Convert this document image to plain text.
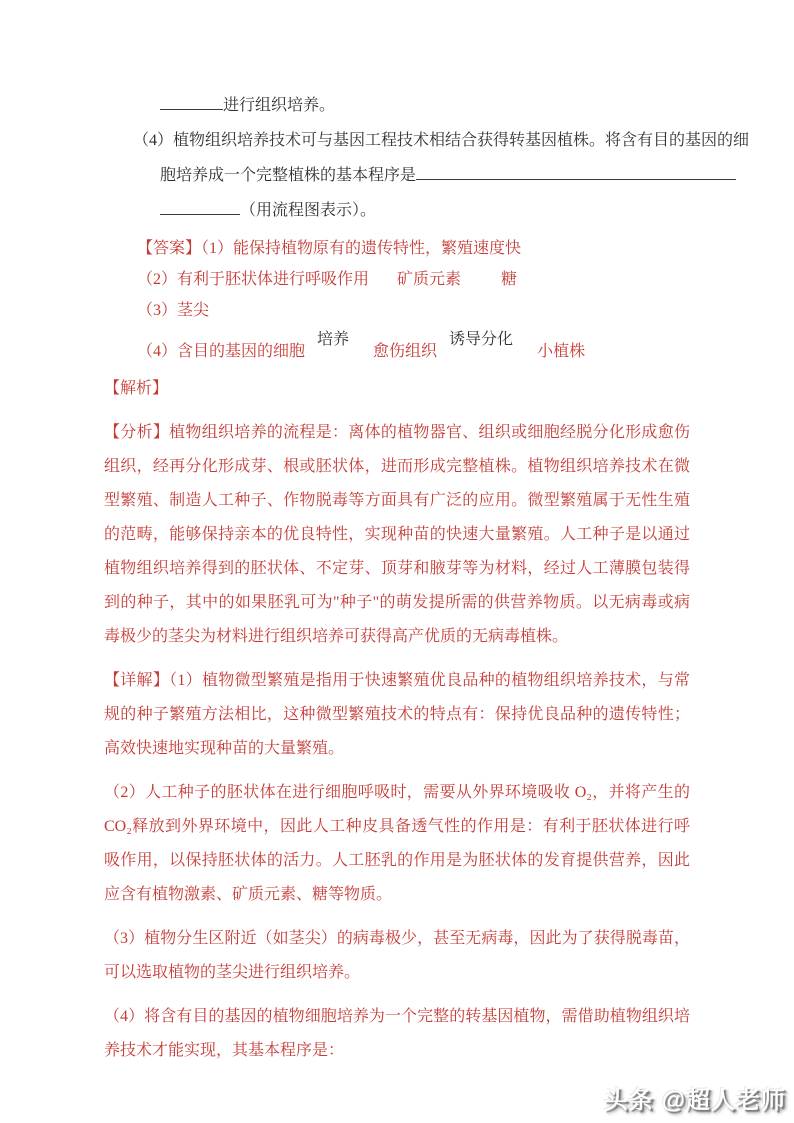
进行组织培养。
（4）植物组织培养技术可与基因工程技术相结合获得转基因植株。将含有目的基因的细
胞培养成一个完整植株的基本程序是
（用流程图表示）。
【答案】（1）能保持植物原有的遗传特性，繁殖速度快
（2）有利于胚状体进行呼吸作用 矿质元素	糖
（3）茎尖
（4）含目的基因的细胞 培养 愈伤组织 诱导分化 小植株

【解析】

【分析】植物组织培养的流程是：离体的植物器官、组织或细胞经脱分化形成愈伤组织，经再分化形成芽、根或胚状体，进而形成完整植株。植物组织培养技术在微型繁殖、制造人工种子、作物脱毒等方面具有广泛的应用。微型繁殖属于无性生殖的范畴，能够保持亲本的优良特性，实现种苗的快速大量繁殖。人工种子是以通过植物组织培养得到的胚状体、不定芽、顶芽和腋芽等为材料，经过人工薄膜包装得到的种子，其中的如果胚乳可为"种子"的萌发提所需的供营养物质。以无病毒或病毒极少的茎尖为材料进行组织培养可获得高产优质的无病毒植株。

【详解】（1）植物微型繁殖是指用于快速繁殖优良品种的植物组织培养技术，与常规的种子繁殖方法相比，这种微型繁殖技术的特点有：保持优良品种的遗传特性；高效快速地实现种苗的大量繁殖。

（2）人工种子的胚状体在进行细胞呼吸时，需要从外界环境吸收 O₂，并将产生的 CO₂释放到外界环境中，因此人工种皮具备透气性的作用是：有利于胚状体进行呼吸作用，以保持胚状体的活力。人工胚乳的作用是为胚状体的发育提供营养，因此应含有植物激素、矿质元素、糖等物质。

（3）植物分生区附近（如茎尖）的病毒极少，甚至无病毒，因此为了获得脱毒苗，可以选取植物的茎尖进行组织培养。

（4）将含有目的基因的植物细胞培养为一个完整的转基因植物，需借助植物组织培养技术才能实现，其基本程序是：

头条 @超人老师
